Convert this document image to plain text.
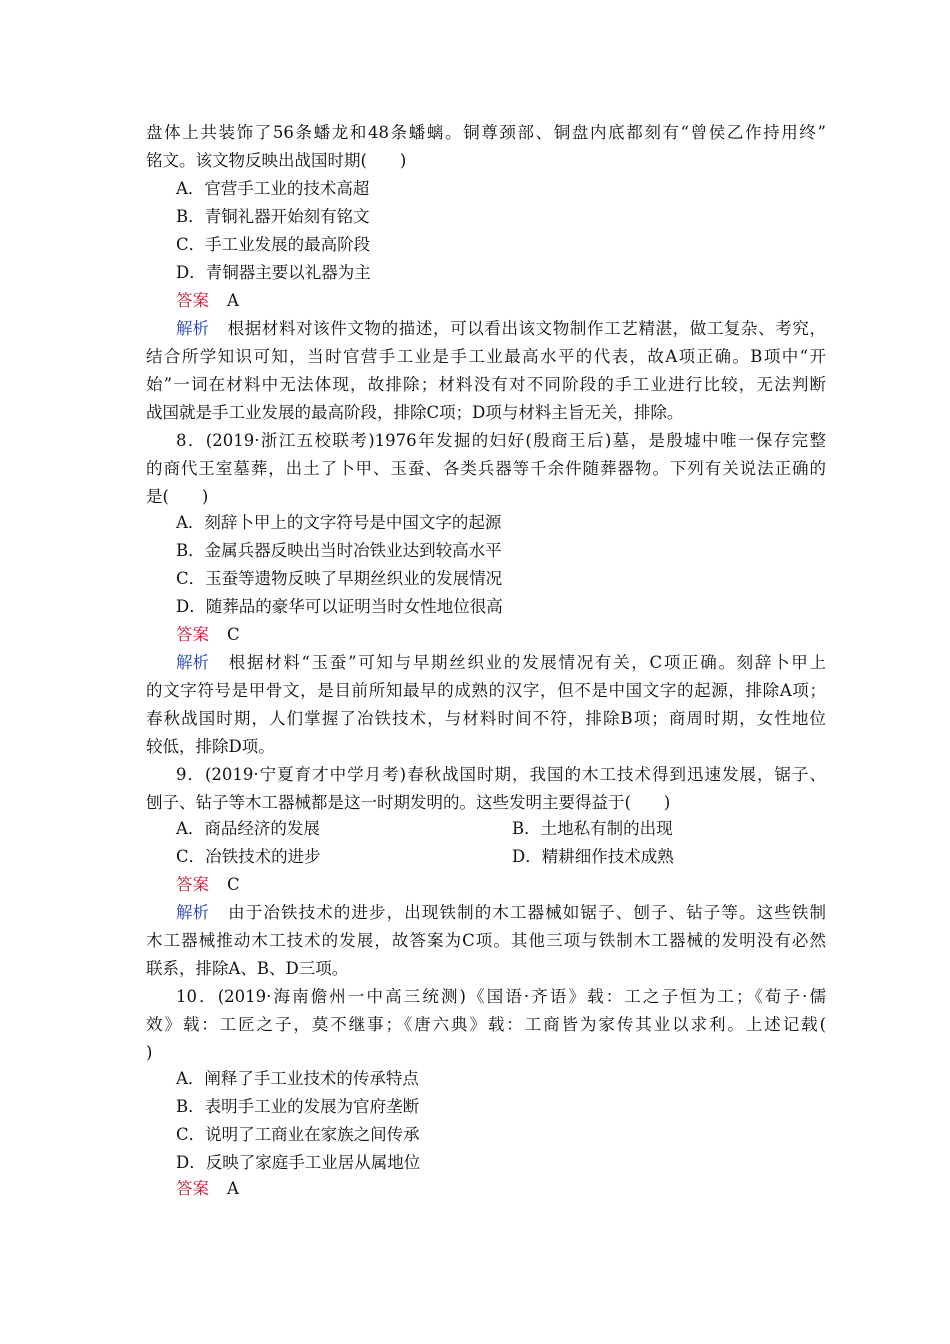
盘体上共装饰了56条蟠龙和48条蟠螭。铜尊颈部、铜盘内底都刻有“曾侯乙作持用终”
铭文。该文物反映出战国时期(　　)
A．官营手工业的技术高超
B．青铜礼器开始刻有铭文
C．手工业发展的最高阶段
D．青铜器主要以礼器为主
答案 A
解析 根据材料对该件文物的描述，可以看出该文物制作工艺精湛，做工复杂、考究，
结合所学知识可知，当时官营手工业是手工业最高水平的代表，故A项正确。B项中“开
始”一词在材料中无法体现，故排除；材料没有对不同阶段的手工业进行比较，无法判断
战国就是手工业发展的最高阶段，排除C项；D项与材料主旨无关，排除。
8．(2019·浙江五校联考)1976年发掘的妇好(殷商王后)墓，是殷墟中唯一保存完整
的商代王室墓葬，出土了卜甲、玉蚕、各类兵器等千余件随葬器物。下列有关说法正确的
是(　　)
A．刻辞卜甲上的文字符号是中国文字的起源
B．金属兵器反映出当时冶铁业达到较高水平
C．玉蚕等遗物反映了早期丝织业的发展情况
D．随葬品的豪华可以证明当时女性地位很高
答案 C
解析 根据材料“玉蚕”可知与早期丝织业的发展情况有关，C项正确。刻辞卜甲上
的文字符号是甲骨文，是目前所知最早的成熟的汉字，但不是中国文字的起源，排除A项；
春秋战国时期，人们掌握了冶铁技术，与材料时间不符，排除B项；商周时期，女性地位
较低，排除D项。
9．(2019·宁夏育才中学月考)春秋战国时期，我国的木工技术得到迅速发展，锯子、
刨子、钻子等木工器械都是这一时期发明的。这些发明主要得益于(　　)
A．商品经济的发展	B．土地私有制的出现
C．冶铁技术的进步	D．精耕细作技术成熟
答案 C
解析 由于冶铁技术的进步，出现铁制的木工器械如锯子、刨子、钻子等。这些铁制
木工器械推动木工技术的发展，故答案为C项。其他三项与铁制木工器械的发明没有必然
联系，排除A、B、D三项。
10．(2019·海南儋州一中高三统测)《国语·齐语》载：工之子恒为工；《荀子·儒
效》载：工匠之子，莫不继事；《唐六典》载：工商皆为家传其业以求利。上述记载(
)
A．阐释了手工业技术的传承特点
B．表明手工业的发展为官府垄断
C．说明了工商业在家族之间传承
D．反映了家庭手工业居从属地位
答案 A
